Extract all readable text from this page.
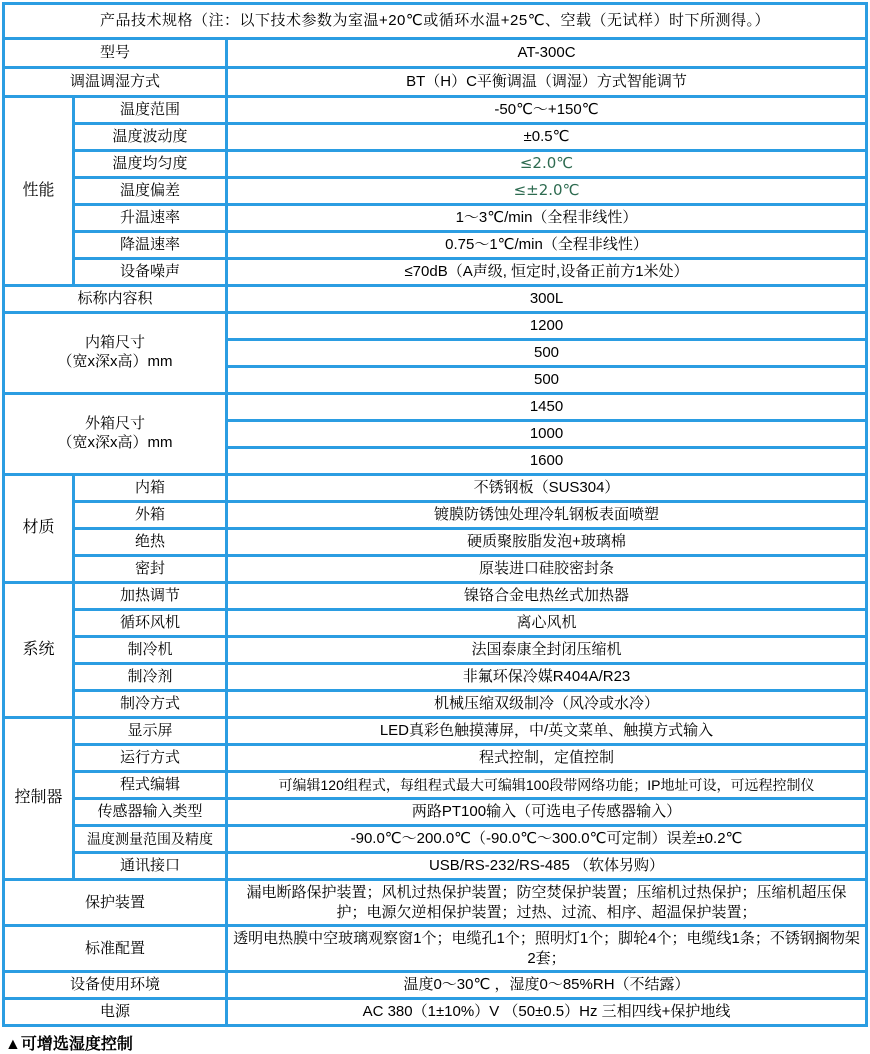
产品技术规格（注：以下技术参数为室温+20℃或循环水温+25℃、空载（无试样）时下所测得。）		
型号		AT-300C
调温调湿方式		BT（H）C平衡调温（调湿）方式智能调节
性能	温度范围	-50℃～+150℃
	温度波动度	±0.5℃
	温度均匀度	≤2.0℃
	温度偏差	≤±2.0℃
	升温速率	1～3℃/min（全程非线性）
	降温速率	0.75～1℃/min（全程非线性）
	设备噪声	≤70dB（A声级, 恒定时,设备正前方1米处）
标称内容积		300L

内箱尺寸
（宽x深x高）mm		1200
		500
		500

外箱尺寸
（宽x深x高）mm		1450
		1000
		1600
材质	内箱	不锈钢板（SUS304）
	外箱	镀膜防锈蚀处理冷轧钢板表面喷塑
	绝热	硬质聚胺脂发泡+玻璃棉
	密封	原装进口硅胶密封条
系统	加热调节	镍铬合金电热丝式加热器
	循环风机	离心风机
	制冷机	法国泰康全封闭压缩机
	制冷剂	非氟环保冷媒R404A/R23
	制冷方式	机械压缩双级制冷（风冷或水冷）
控制器	显示屏	LED真彩色触摸薄屏，中/英文菜单、触摸方式输入
	运行方式	程式控制，定值控制
	程式编辑	可编辑120组程式，每组程式最大可编辑100段带网络功能；IP地址可设，可远程控制仪
	传感器输入类型	两路PT100输入（可选电子传感器输入）
	温度测量范围及精度	-90.0℃～200.0℃（-90.0℃～300.0℃可定制）误差±0.2℃
	通讯接口	USB/RS-232/RS-485 （软体另购）
保护装置		漏电断路保护装置；风机过热保护装置；防空焚保护装置；压缩机过热保护；压缩机超压保护；电源欠逆相保护装置；过热、过流、相序、超温保护装置；
标准配置		透明电热膜中空玻璃观察窗1个；电缆孔1个；照明灯1个；脚轮4个；电缆线1条；不锈钢搁物架2套；
设备使用环境		温度0～30℃ ，湿度0～85%RH（不结露）
电源		AC 380（1±10%）V （50±0.5）Hz 三相四线+保护地线
▲可增选湿度控制
